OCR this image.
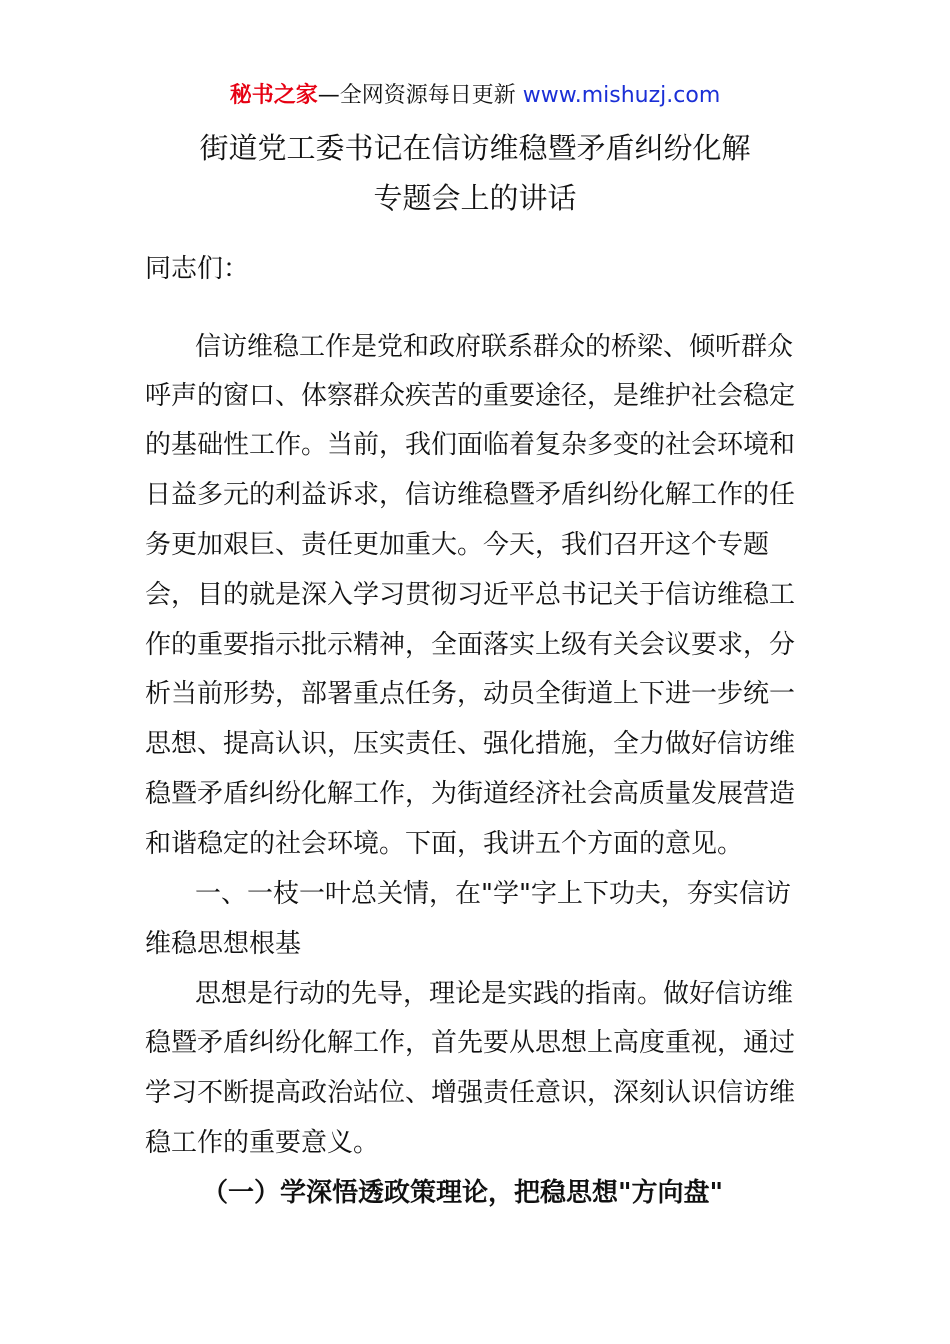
秘书之家—全网资源每日更新 www.mishuzj.com
街道党工委书记在信访维稳暨矛盾纠纷化解
专题会上的讲话
同志们：
信访维稳工作是党和政府联系群众的桥梁、倾听群众
呼声的窗口、体察群众疾苦的重要途径，是维护社会稳定
的基础性工作。当前，我们面临着复杂多变的社会环境和
日益多元的利益诉求，信访维稳暨矛盾纠纷化解工作的任
务更加艰巨、责任更加重大。今天，我们召开这个专题
会，目的就是深入学习贯彻习近平总书记关于信访维稳工
作的重要指示批示精神，全面落实上级有关会议要求，分
析当前形势，部署重点任务，动员全街道上下进一步统一
思想、提高认识，压实责任、强化措施，全力做好信访维
稳暨矛盾纠纷化解工作，为街道经济社会高质量发展营造
和谐稳定的社会环境。下面，我讲五个方面的意见。
一、一枝一叶总关情，在"学"字上下功夫，夯实信访
维稳思想根基
思想是行动的先导，理论是实践的指南。做好信访维
稳暨矛盾纠纷化解工作，首先要从思想上高度重视，通过
学习不断提高政治站位、增强责任意识，深刻认识信访维
稳工作的重要意义。
（一）学深悟透政策理论，把稳思想"方向盘"
